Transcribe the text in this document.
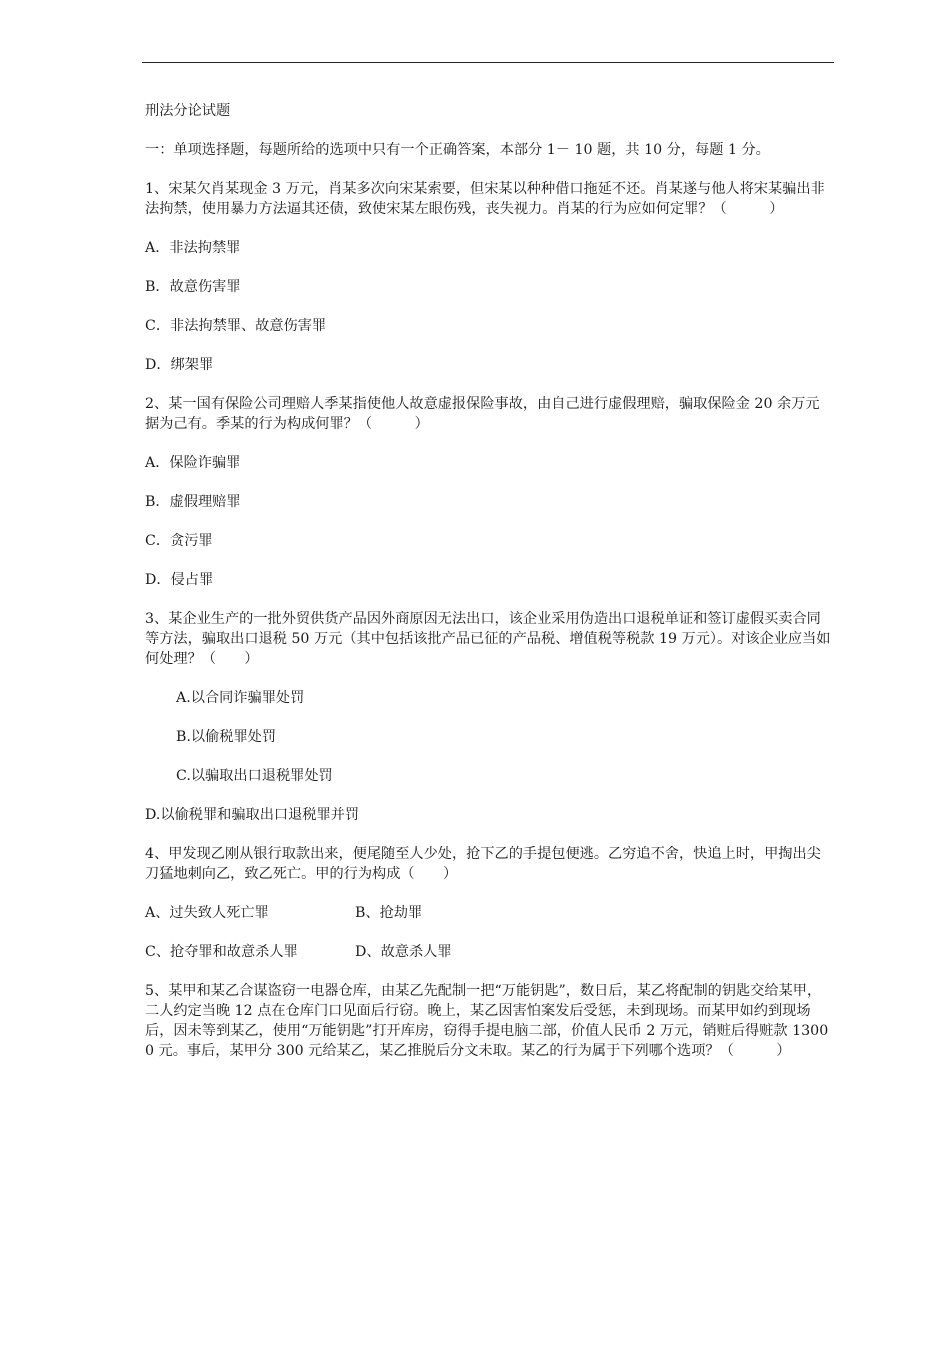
刑法分论试题

一：单项选择题，每题所给的选项中只有一个正确答案，本部分 1－ 10 题，共 10 分，每题 1 分。

1、宋某欠肖某现金 3 万元，肖某多次向宋某索要，但宋某以种种借口拖延不还。肖某遂与他人将宋某骗出非法拘禁，使用暴力方法逼其还债，致使宋某左眼伤残，丧失视力。肖某的行为应如何定罪？（　　　）

A．非法拘禁罪

B．故意伤害罪

C．非法拘禁罪、故意伤害罪

D．绑架罪

2、某一国有保险公司理赔人季某指使他人故意虚报保险事故，由自己进行虚假理赔，骗取保险金 20 余万元据为己有。季某的行为构成何罪？（　　　）

A．保险诈骗罪

B．虚假理赔罪

C．贪污罪

D．侵占罪

3、某企业生产的一批外贸供货产品因外商原因无法出口，该企业采用伪造出口退税单证和签订虚假买卖合同等方法，骗取出口退税 50 万元（其中包括该批产品已征的产品税、增值税等税款 19 万元）。对该企业应当如何处理？（　　）

A.以合同诈骗罪处罚

B.以偷税罪处罚

C.以骗取出口退税罪处罚

D.以偷税罪和骗取出口退税罪并罚

4、甲发现乙刚从银行取款出来，便尾随至人少处，抢下乙的手提包便逃。乙穷追不舍，快追上时，甲掏出尖刀猛地刺向乙，致乙死亡。甲的行为构成（　　）

A、过失致人死亡罪	B、抢劫罪
C、抢夺罪和故意杀人罪	D、故意杀人罪

5、某甲和某乙合谋盗窃一电器仓库，由某乙先配制一把“万能钥匙”，数日后，某乙将配制的钥匙交给某甲，二人约定当晚 12 点在仓库门口见面后行窃。晚上，某乙因害怕案发后受惩，未到现场。而某甲如约到现场后，因未等到某乙，使用“万能钥匙”打开库房，窃得手提电脑二部，价值人民币 2 万元，销赃后得赃款 13000 元。事后，某甲分 300 元给某乙，某乙推脱后分文未取。某乙的行为属于下列哪个选项？（　　　）
